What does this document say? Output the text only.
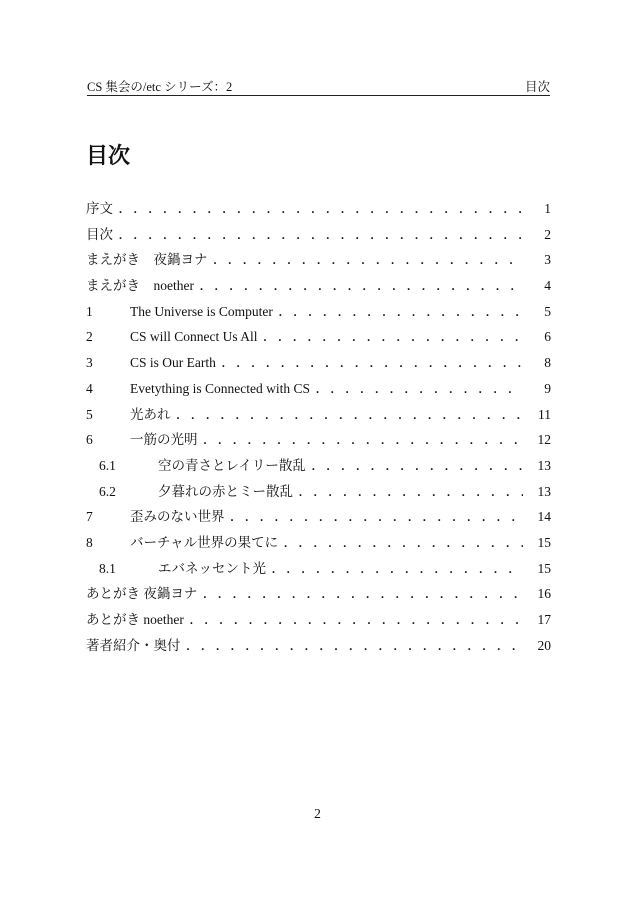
CS 集会の/etc シリーズ：2	目次
目次
序文 . . .	1
目次 . . .	2
まえがき　夜鍋ヨナ . . .	3
まえがき　noether . . .	4
1	The Universe is Computer . . .	5
2	CS will Connect Us All . . .	6
3	CS is Our Earth . . .	8
4	Evetything is Connected with CS . . .	9
5	光あれ . . .	11
6	一筋の光明 . . .	12
6.1	空の青さとレイリー散乱 . . .	13
6.2	夕暮れの赤とミー散乱 . . .	13
7	歪みのない世界 . . .	14
8	バーチャル世界の果てに . . .	15
8.1	エバネッセント光 . . .	15
あとがき 夜鍋ヨナ . . .	16
あとがき noether . . .	17
著者紹介・奥付 . . .	20
2
